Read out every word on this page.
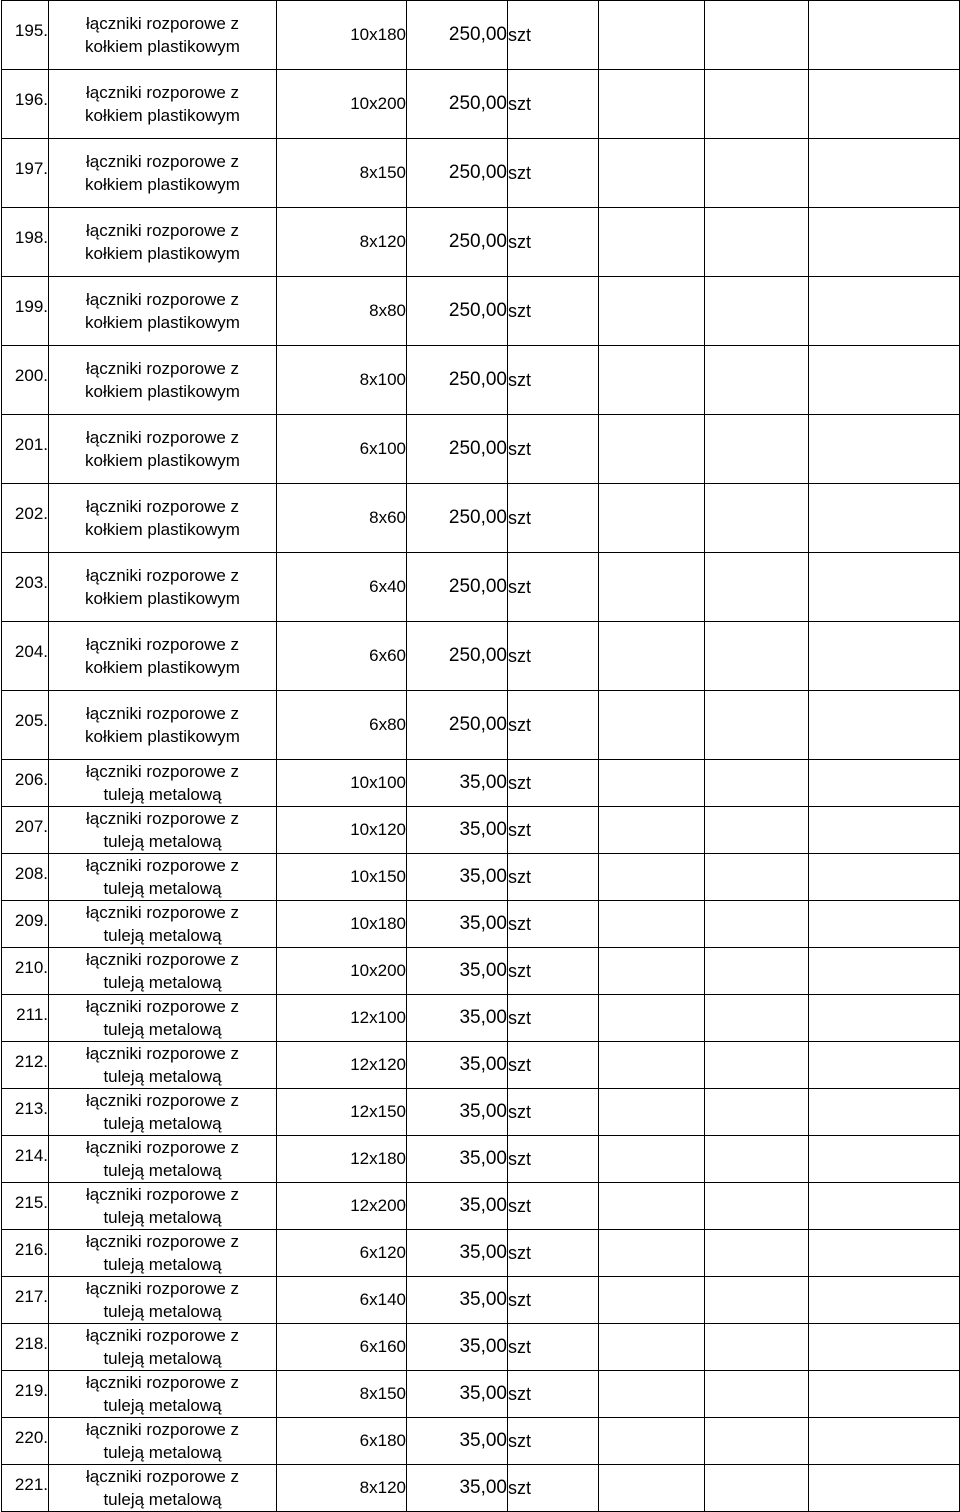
195.	łączniki rozporowe z
kołkiem plastikowym	10x180	250,00	szt			
196.	łączniki rozporowe z
kołkiem plastikowym	10x200	250,00	szt			
197.	łączniki rozporowe z
kołkiem plastikowym	8x150	250,00	szt			
198.	łączniki rozporowe z
kołkiem plastikowym	8x120	250,00	szt			
199.	łączniki rozporowe z
kołkiem plastikowym	8x80	250,00	szt			
200.	łączniki rozporowe z
kołkiem plastikowym	8x100	250,00	szt			
201.	łączniki rozporowe z
kołkiem plastikowym	6x100	250,00	szt			
202.	łączniki rozporowe z
kołkiem plastikowym	8x60	250,00	szt			
203.	łączniki rozporowe z
kołkiem plastikowym	6x40	250,00	szt			
204.	łączniki rozporowe z
kołkiem plastikowym	6x60	250,00	szt			
205.	łączniki rozporowe z
kołkiem plastikowym	6x80	250,00	szt			
206.	łączniki rozporowe z
tuleją metalową	10x100	35,00	szt			
207.	łączniki rozporowe z
tuleją metalową	10x120	35,00	szt			
208.	łączniki rozporowe z
tuleją metalową	10x150	35,00	szt			
209.	łączniki rozporowe z
tuleją metalową	10x180	35,00	szt			
210.	łączniki rozporowe z
tuleją metalową	10x200	35,00	szt			
211.	łączniki rozporowe z
tuleją metalową	12x100	35,00	szt			
212.	łączniki rozporowe z
tuleją metalową	12x120	35,00	szt			
213.	łączniki rozporowe z
tuleją metalową	12x150	35,00	szt			
214.	łączniki rozporowe z
tuleją metalową	12x180	35,00	szt			
215.	łączniki rozporowe z
tuleją metalową	12x200	35,00	szt			
216.	łączniki rozporowe z
tuleją metalową	6x120	35,00	szt			
217.	łączniki rozporowe z
tuleją metalową	6x140	35,00	szt			
218.	łączniki rozporowe z
tuleją metalową	6x160	35,00	szt			
219.	łączniki rozporowe z
tuleją metalową	8x150	35,00	szt			
220.	łączniki rozporowe z
tuleją metalową	6x180	35,00	szt			
221.	łączniki rozporowe z
tuleją metalową	8x120	35,00	szt			
